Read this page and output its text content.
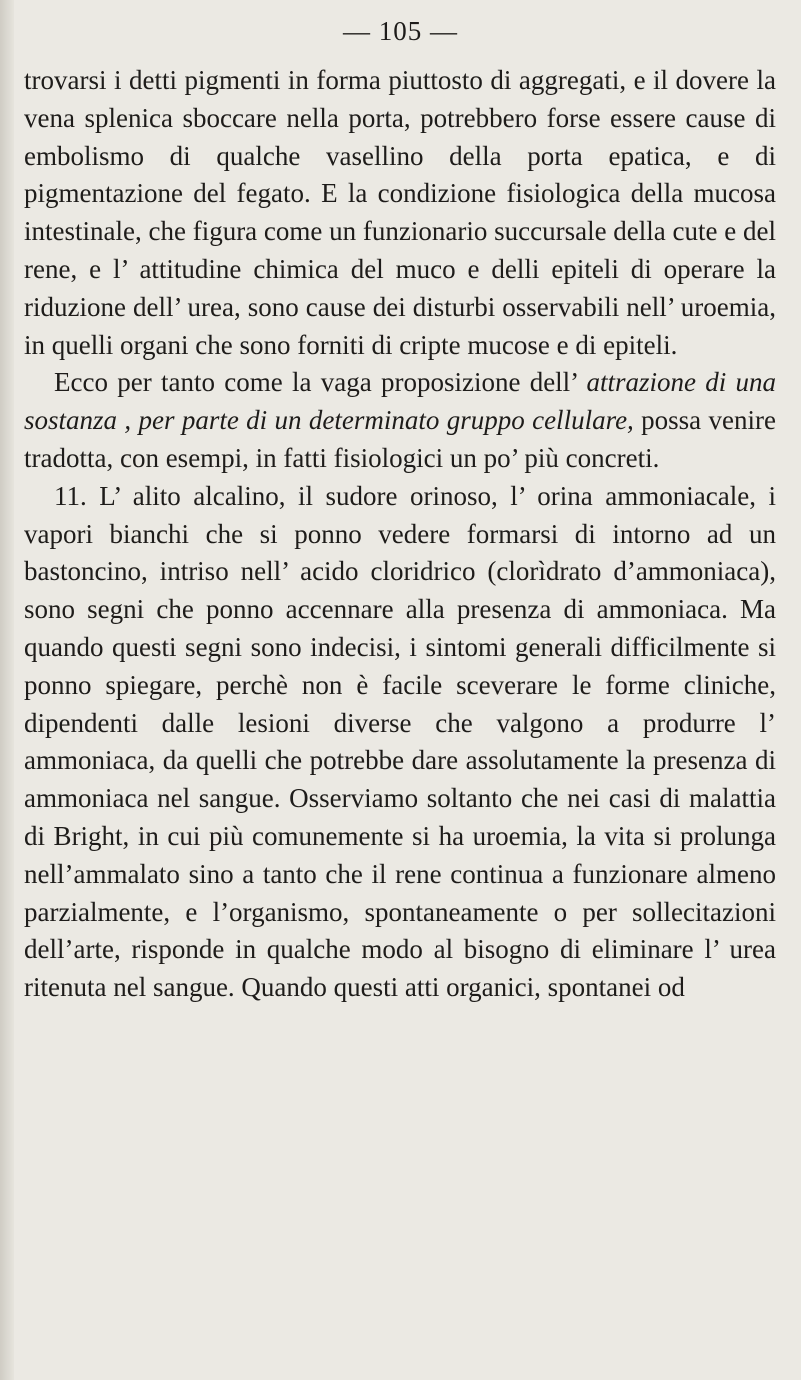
— 105 —

trovarsi i detti pigmenti in forma piuttosto di aggregati, e il dovere la vena splenica sboccare nella porta, potrebbero forse essere cause di embolismo di qualche vasellino della porta epatica, e di pigmentazione del fegato. E la condizione fisiologica della mucosa intestinale, che figura come un funzionario succursale della cute e del rene, e l’ attitudine chimica del muco e delli epiteli di operare la riduzione dell’ urea, sono cause dei disturbi osservabili nell’ uroemia, in quelli organi che sono forniti di cripte mucose e di epiteli.

Ecco per tanto come la vaga proposizione dell’ attrazione di una sostanza , per parte di un determinato gruppo cellulare, possa venire tradotta, con esempi, in fatti fisiologici un po’ più concreti.

11. L’ alito alcalino, il sudore orinoso, l’ orina ammoniacale, i vapori bianchi che si ponno vedere formarsi di intorno ad un bastoncino, intriso nell’ acido cloridrico (clorìdrato d’ammoniaca), sono segni che ponno accennare alla presenza di ammoniaca. Ma quando questi segni sono indecisi, i sintomi generali difficilmente si ponno spiegare, perchè non è facile sceverare le forme cliniche, dipendenti dalle lesioni diverse che valgono a produrre l’ ammoniaca, da quelli che potrebbe dare assolutamente la presenza di ammoniaca nel sangue. Osserviamo soltanto che nei casi di malattia di Bright, in cui più comunemente si ha uroemia, la vita si prolunga nell’ammalato sino a tanto che il rene continua a funzionare almeno parzialmente, e l’organismo, spontaneamente o per sollecitazioni dell’arte, risponde in qualche modo al bisogno di eliminare l’ urea ritenuta nel sangue. Quando questi atti organici, spontanei od
